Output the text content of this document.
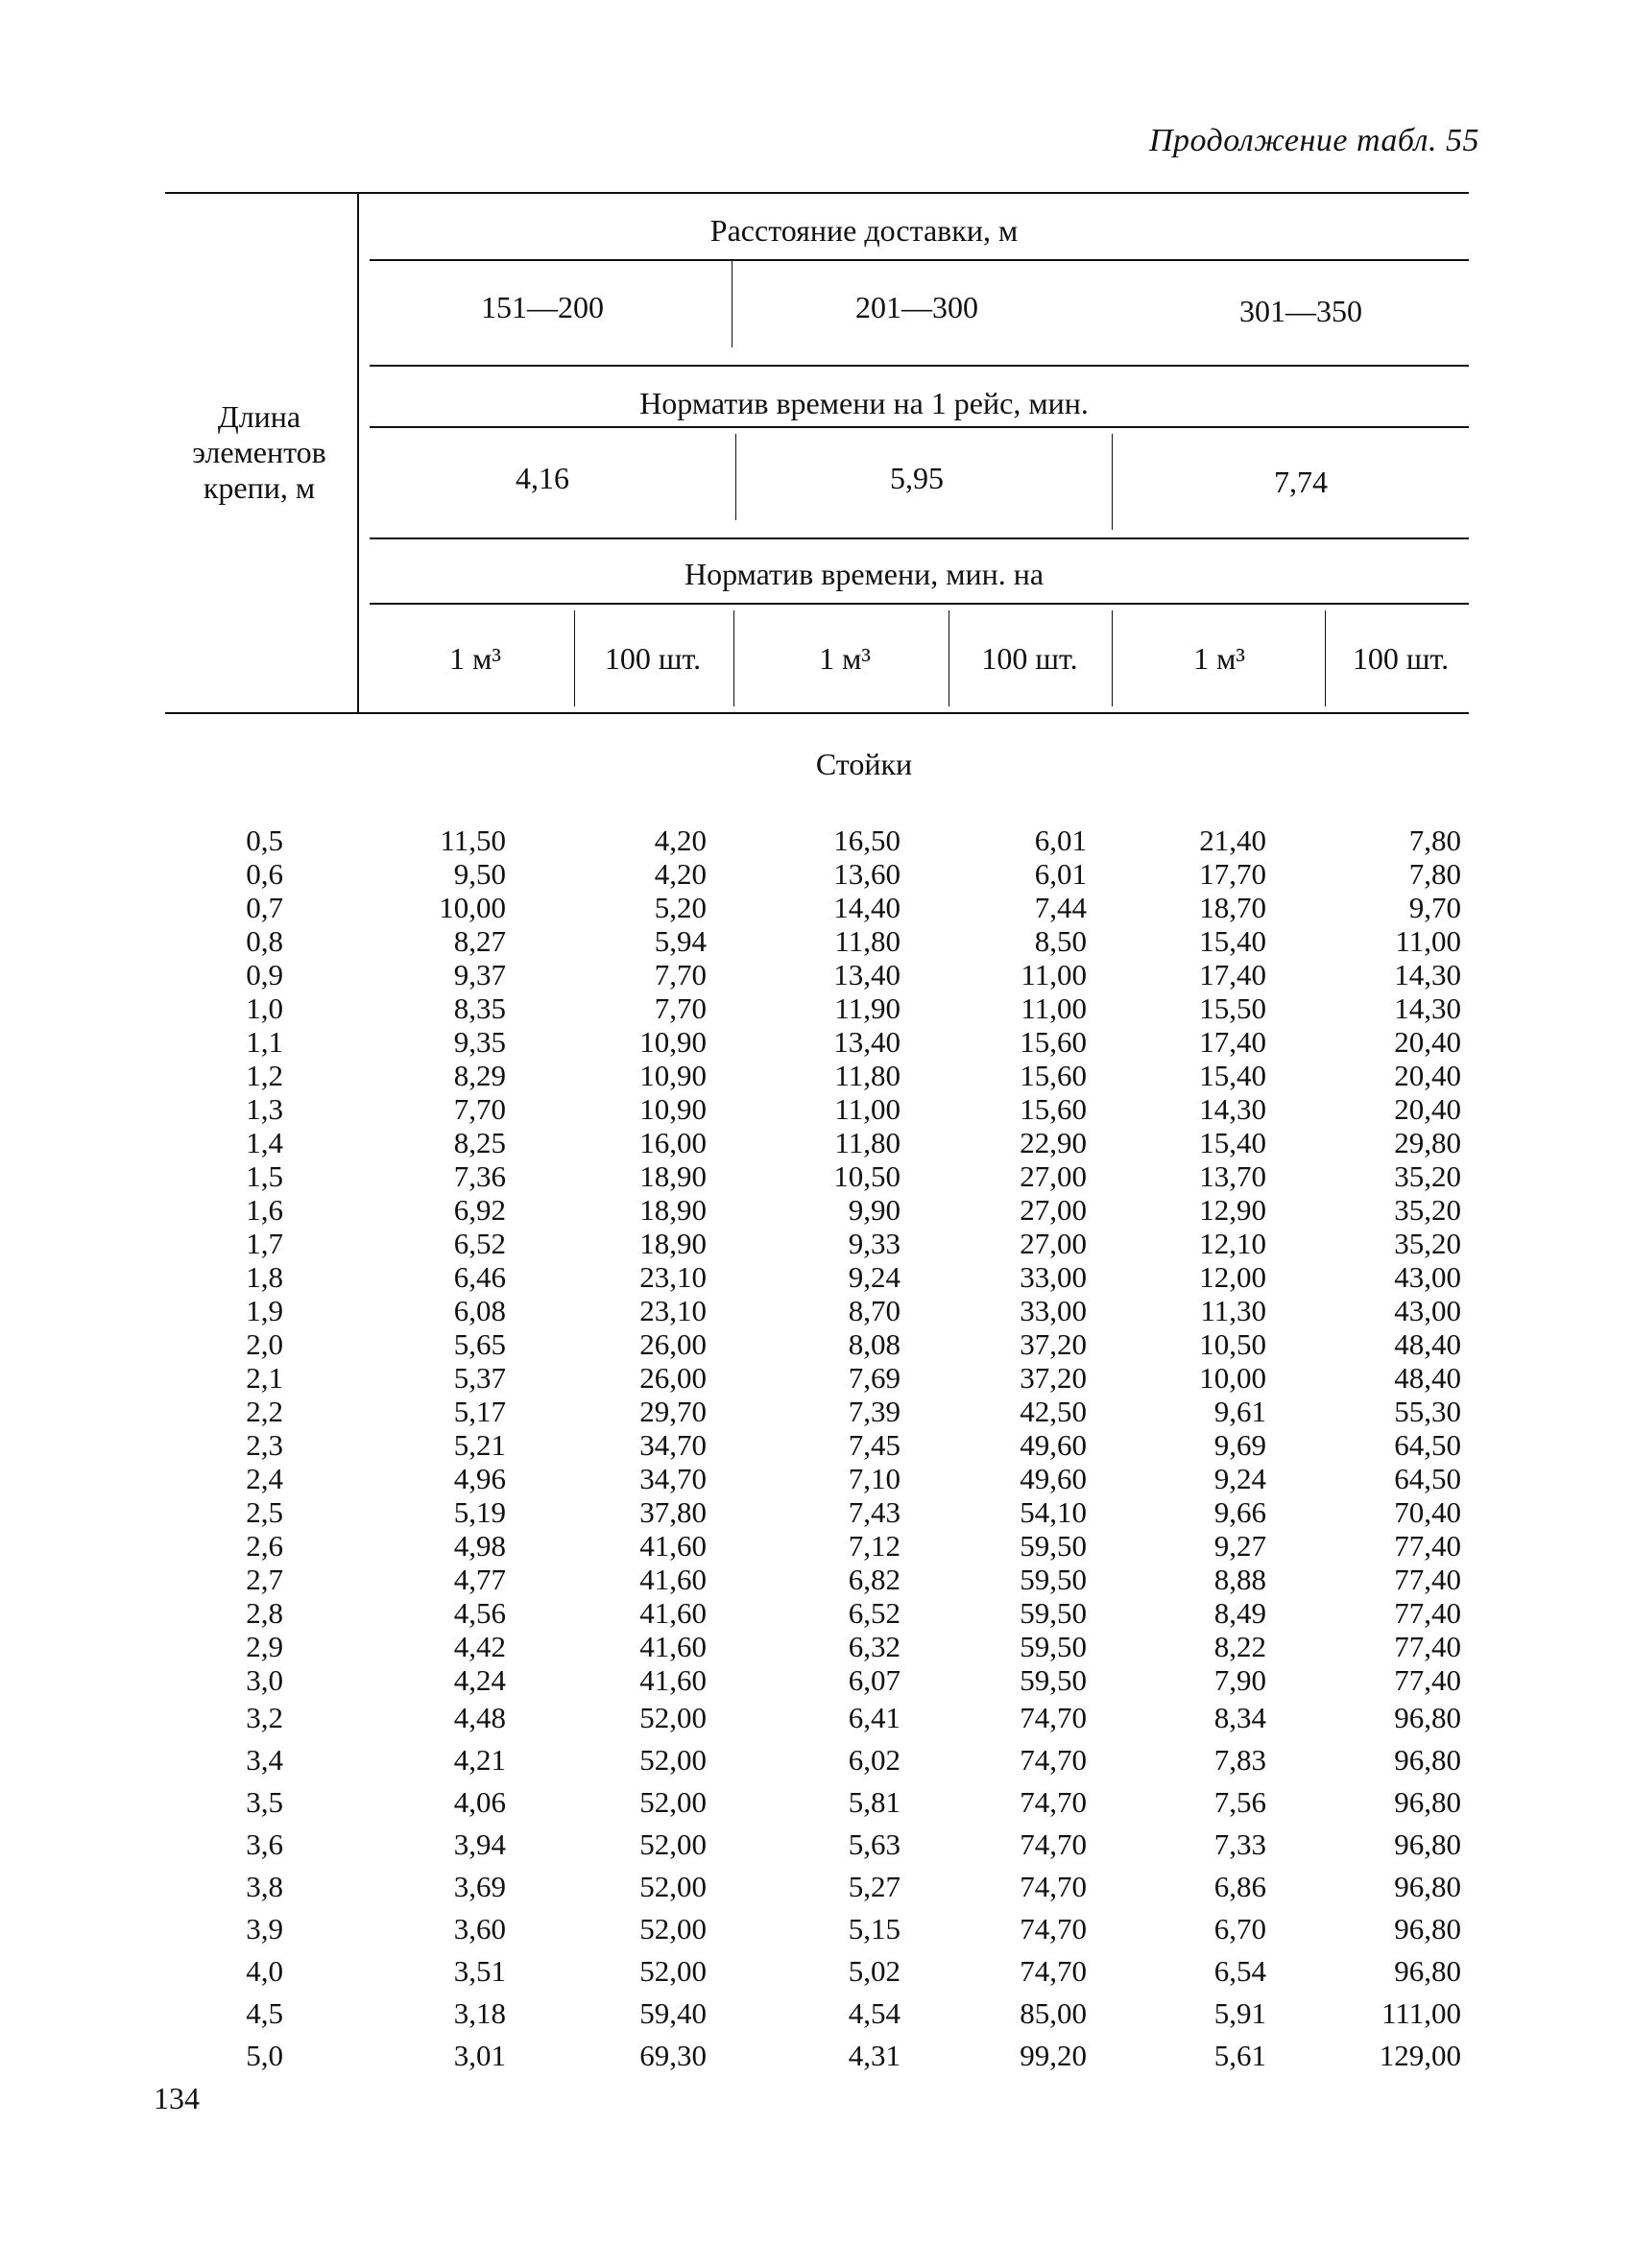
Продолжение табл. 55
Длина
элементов
крепи, м
Расстояние доставки, м
151—200	201—300	301—350
Норматив времени на 1 рейс, мин.
4,16	5,95	7,74
Норматив времени, мин. на
1 м³	100 шт.	1 м³	100 шт.	1 м³	100 шт.
Стойки
0,5	11,50	4,20	16,50	6,01	21,40	7,80
0,6	9,50	4,20	13,60	6,01	17,70	7,80
0,7	10,00	5,20	14,40	7,44	18,70	9,70
0,8	8,27	5,94	11,80	8,50	15,40	11,00
0,9	9,37	7,70	13,40	11,00	17,40	14,30
1,0	8,35	7,70	11,90	11,00	15,50	14,30
1,1	9,35	10,90	13,40	15,60	17,40	20,40
1,2	8,29	10,90	11,80	15,60	15,40	20,40
1,3	7,70	10,90	11,00	15,60	14,30	20,40
1,4	8,25	16,00	11,80	22,90	15,40	29,80
1,5	7,36	18,90	10,50	27,00	13,70	35,20
1,6	6,92	18,90	9,90	27,00	12,90	35,20
1,7	6,52	18,90	9,33	27,00	12,10	35,20
1,8	6,46	23,10	9,24	33,00	12,00	43,00
1,9	6,08	23,10	8,70	33,00	11,30	43,00
2,0	5,65	26,00	8,08	37,20	10,50	48,40
2,1	5,37	26,00	7,69	37,20	10,00	48,40
2,2	5,17	29,70	7,39	42,50	9,61	55,30
2,3	5,21	34,70	7,45	49,60	9,69	64,50
2,4	4,96	34,70	7,10	49,60	9,24	64,50
2,5	5,19	37,80	7,43	54,10	9,66	70,40
2,6	4,98	41,60	7,12	59,50	9,27	77,40
2,7	4,77	41,60	6,82	59,50	8,88	77,40
2,8	4,56	41,60	6,52	59,50	8,49	77,40
2,9	4,42	41,60	6,32	59,50	8,22	77,40
3,0	4,24	41,60	6,07	59,50	7,90	77,40
3,2	4,48	52,00	6,41	74,70	8,34	96,80
3,4	4,21	52,00	6,02	74,70	7,83	96,80
3,5	4,06	52,00	5,81	74,70	7,56	96,80
3,6	3,94	52,00	5,63	74,70	7,33	96,80
3,8	3,69	52,00	5,27	74,70	6,86	96,80
3,9	3,60	52,00	5,15	74,70	6,70	96,80
4,0	3,51	52,00	5,02	74,70	6,54	96,80
4,5	3,18	59,40	4,54	85,00	5,91	111,00
5,0	3,01	69,30	4,31	99,20	5,61	129,00
134
